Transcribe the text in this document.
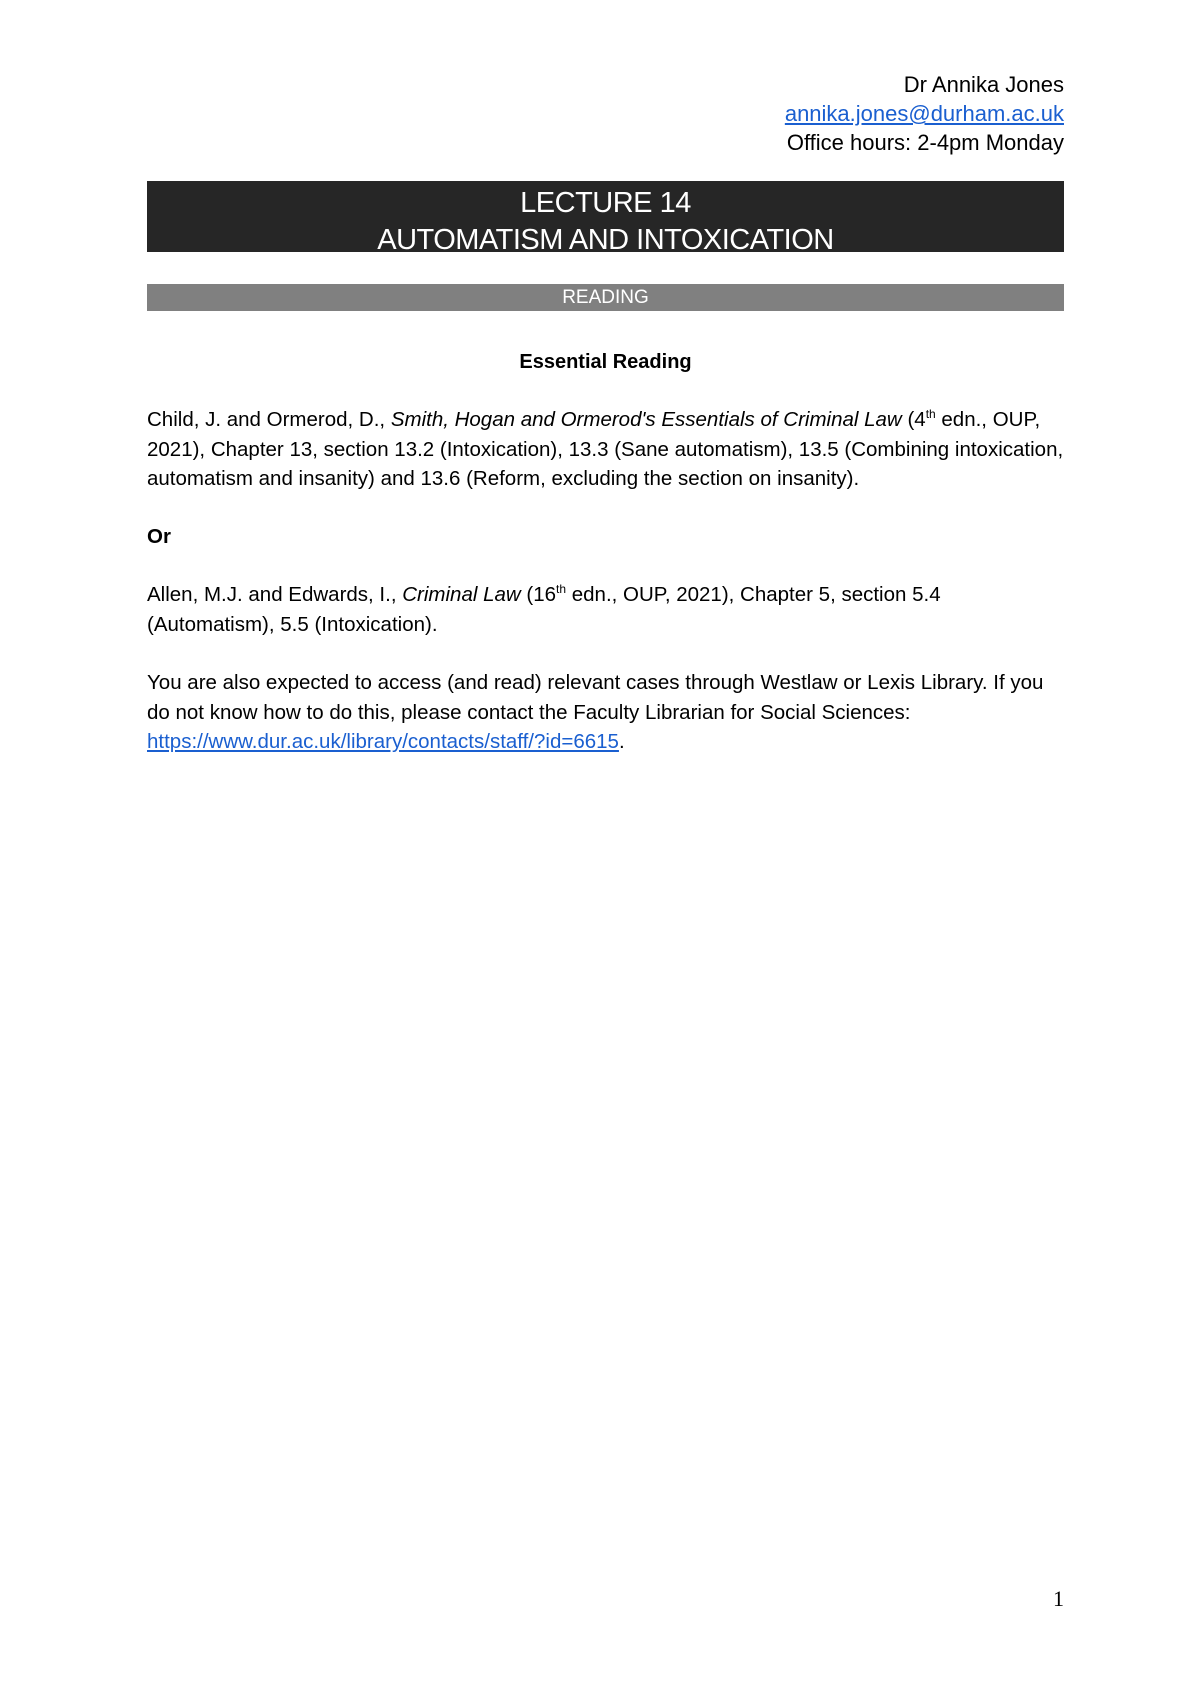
Dr Annika Jones
annika.jones@durham.ac.uk
Office hours: 2-4pm Monday
LECTURE 14
AUTOMATISM AND INTOXICATION
READING
Essential Reading

Child, J. and Ormerod, D., Smith, Hogan and Ormerod's Essentials of Criminal Law (4th edn., OUP, 2021), Chapter 13, section 13.2 (Intoxication), 13.3 (Sane automatism), 13.5 (Combining intoxication, automatism and insanity) and 13.6 (Reform, excluding the section on insanity).

Or

Allen, M.J. and Edwards, I., Criminal Law (16th edn., OUP, 2021), Chapter 5, section 5.4 (Automatism), 5.5 (Intoxication).

You are also expected to access (and read) relevant cases through Westlaw or Lexis Library. If you do not know how to do this, please contact the Faculty Librarian for Social Sciences: https://www.dur.ac.uk/library/contacts/staff/?id=6615.

1
